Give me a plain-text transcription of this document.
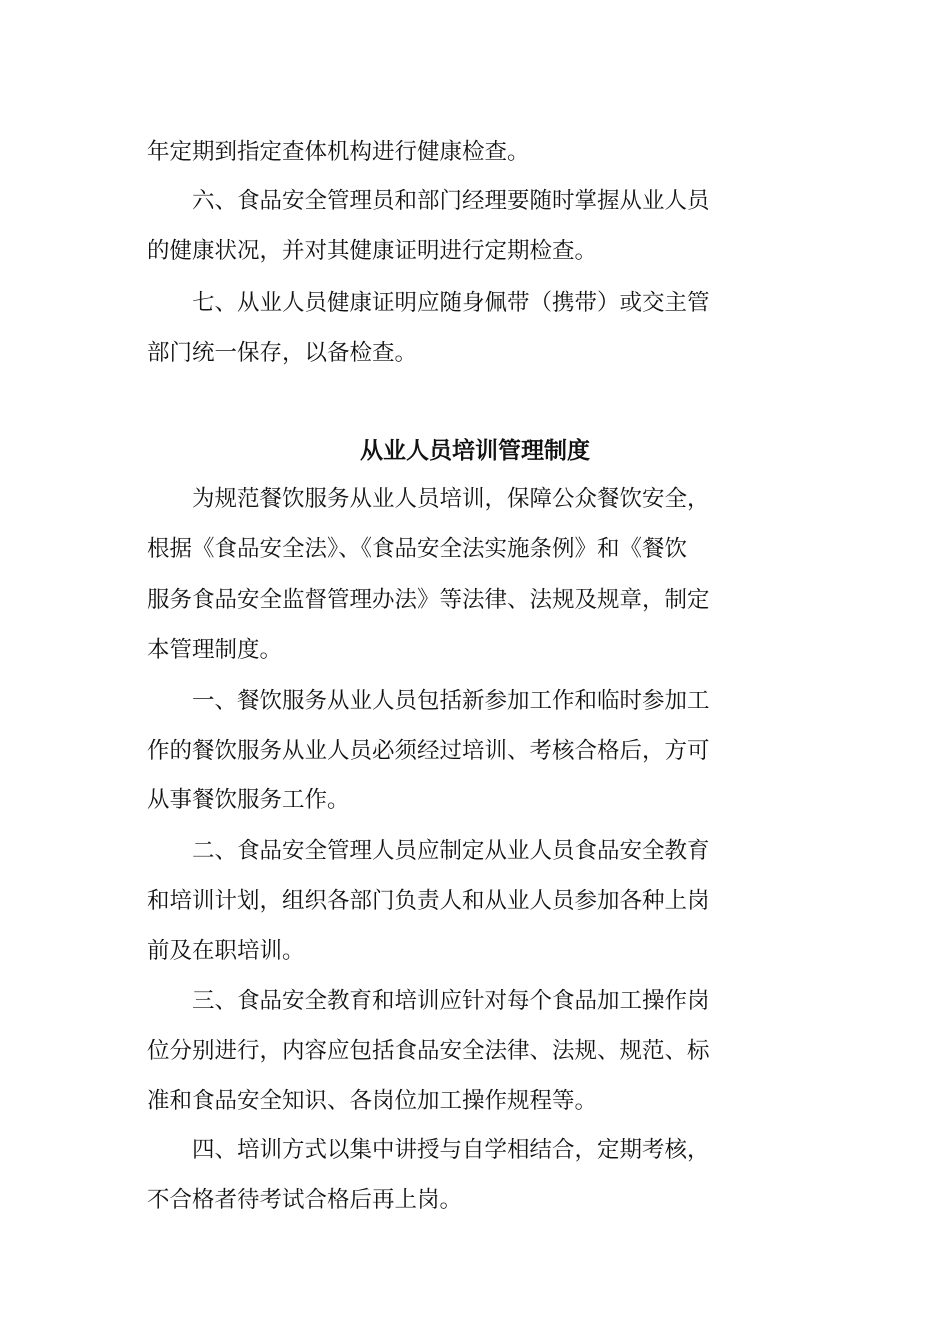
年定期到指定查体机构进行健康检查。
　　六、食品安全管理员和部门经理要随时掌握从业人员
的健康状况，并对其健康证明进行定期检查。
　　七、从业人员健康证明应随身佩带（携带）或交主管
部门统一保存，以备检查。
从业人员培训管理制度
　　为规范餐饮服务从业人员培训，保障公众餐饮安全，
根据《食品安全法》、《食品安全法实施条例》和《餐饮
服务食品安全监督管理办法》等法律、法规及规章，制定
本管理制度。
　　一、餐饮服务从业人员包括新参加工作和临时参加工
作的餐饮服务从业人员必须经过培训、考核合格后，方可
从事餐饮服务工作。
　　二、食品安全管理人员应制定从业人员食品安全教育
和培训计划，组织各部门负责人和从业人员参加各种上岗
前及在职培训。
　　三、食品安全教育和培训应针对每个食品加工操作岗
位分别进行，内容应包括食品安全法律、法规、规范、标
准和食品安全知识、各岗位加工操作规程等。
　　四、培训方式以集中讲授与自学相结合，定期考核，
不合格者待考试合格后再上岗。
